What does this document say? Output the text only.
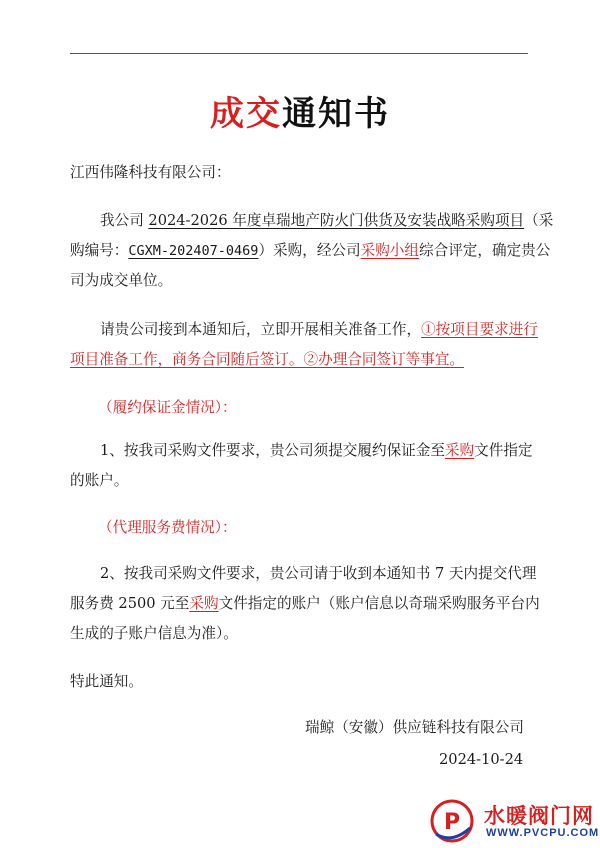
成交通知书
江西伟隆科技有限公司：
我公司 2024-2026 年度卓瑞地产防火门供货及安装战略采购项目（采
购编号：CGXM-202407-0469）采购，经公司采购小组综合评定，确定贵公
司为成交单位。
请贵公司接到本通知后，立即开展相关准备工作，①按项目要求进行
项目准备工作，商务合同随后签订。②办理合同签订等事宜。
（履约保证金情况）：
1、按我司采购文件要求，贵公司须提交履约保证金至采购文件指定
的账户。
（代理服务费情况）：
2、按我司采购文件要求，贵公司请于收到本通知书 7 天内提交代理
服务费 2500 元至采购文件指定的账户（账户信息以奇瑞采购服务平台内
生成的子账户信息为准）。
特此通知。
瑞鲸（安徽）供应链科技有限公司
2024-10-24
P 水暖阀门网
WWW.PVCPU.COM
